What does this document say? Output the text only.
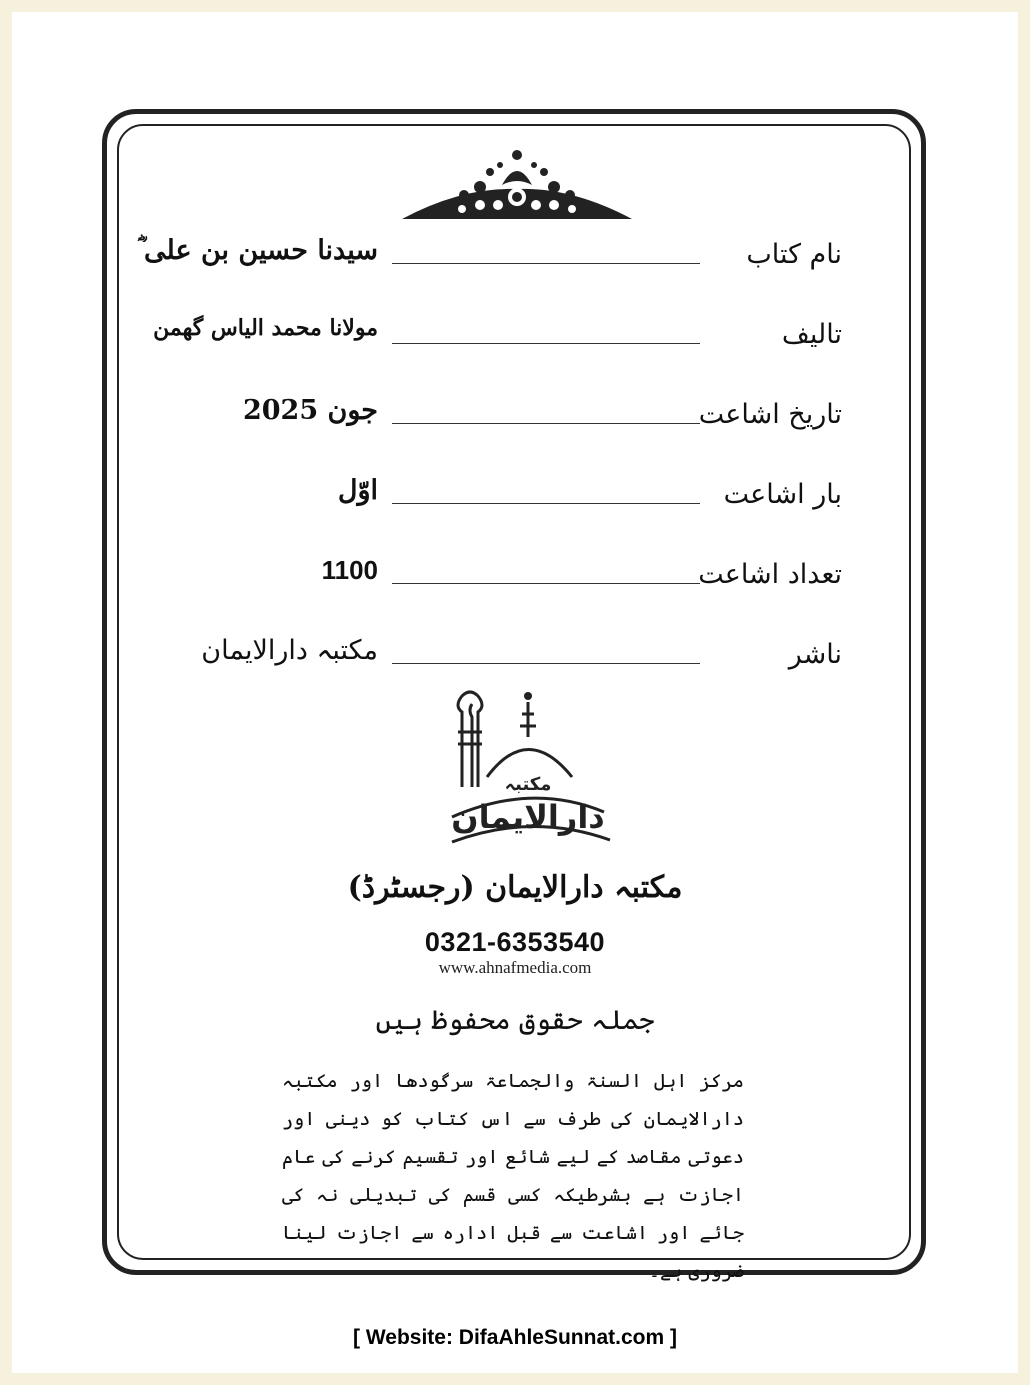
نام کتاب
سیدنا حسین بن علی ؓ
تالیف
مولانا محمد الیاس گھمن
تاریخ اشاعت
جون 2025
بار اشاعت
اوّل
تعداد اشاعت
1100
ناشر
مکتبہ دارالایمان
مکتبہ
دارالایمان
مکتبہ دارالایمان (رجسٹرڈ)
0321-6353540
www.ahnafmedia.com
جملہ حقوق محفوظ ہیں
مرکز اہل السنۃ والجماعۃ سرگودھا اور مکتبہ دارالایمان کی طرف سے اس کتاب کو دینی اور دعوتی مقاصد کے لیے شائع اور تقسیم کرنے کی عام اجازت ہے بشرطیکہ کسی قسم کی تبدیلی نہ کی جائے اور اشاعت سے قبل ادارہ سے اجازت لینا ضروری ہے۔
[ Website: DifaAhleSunnat.com ]
